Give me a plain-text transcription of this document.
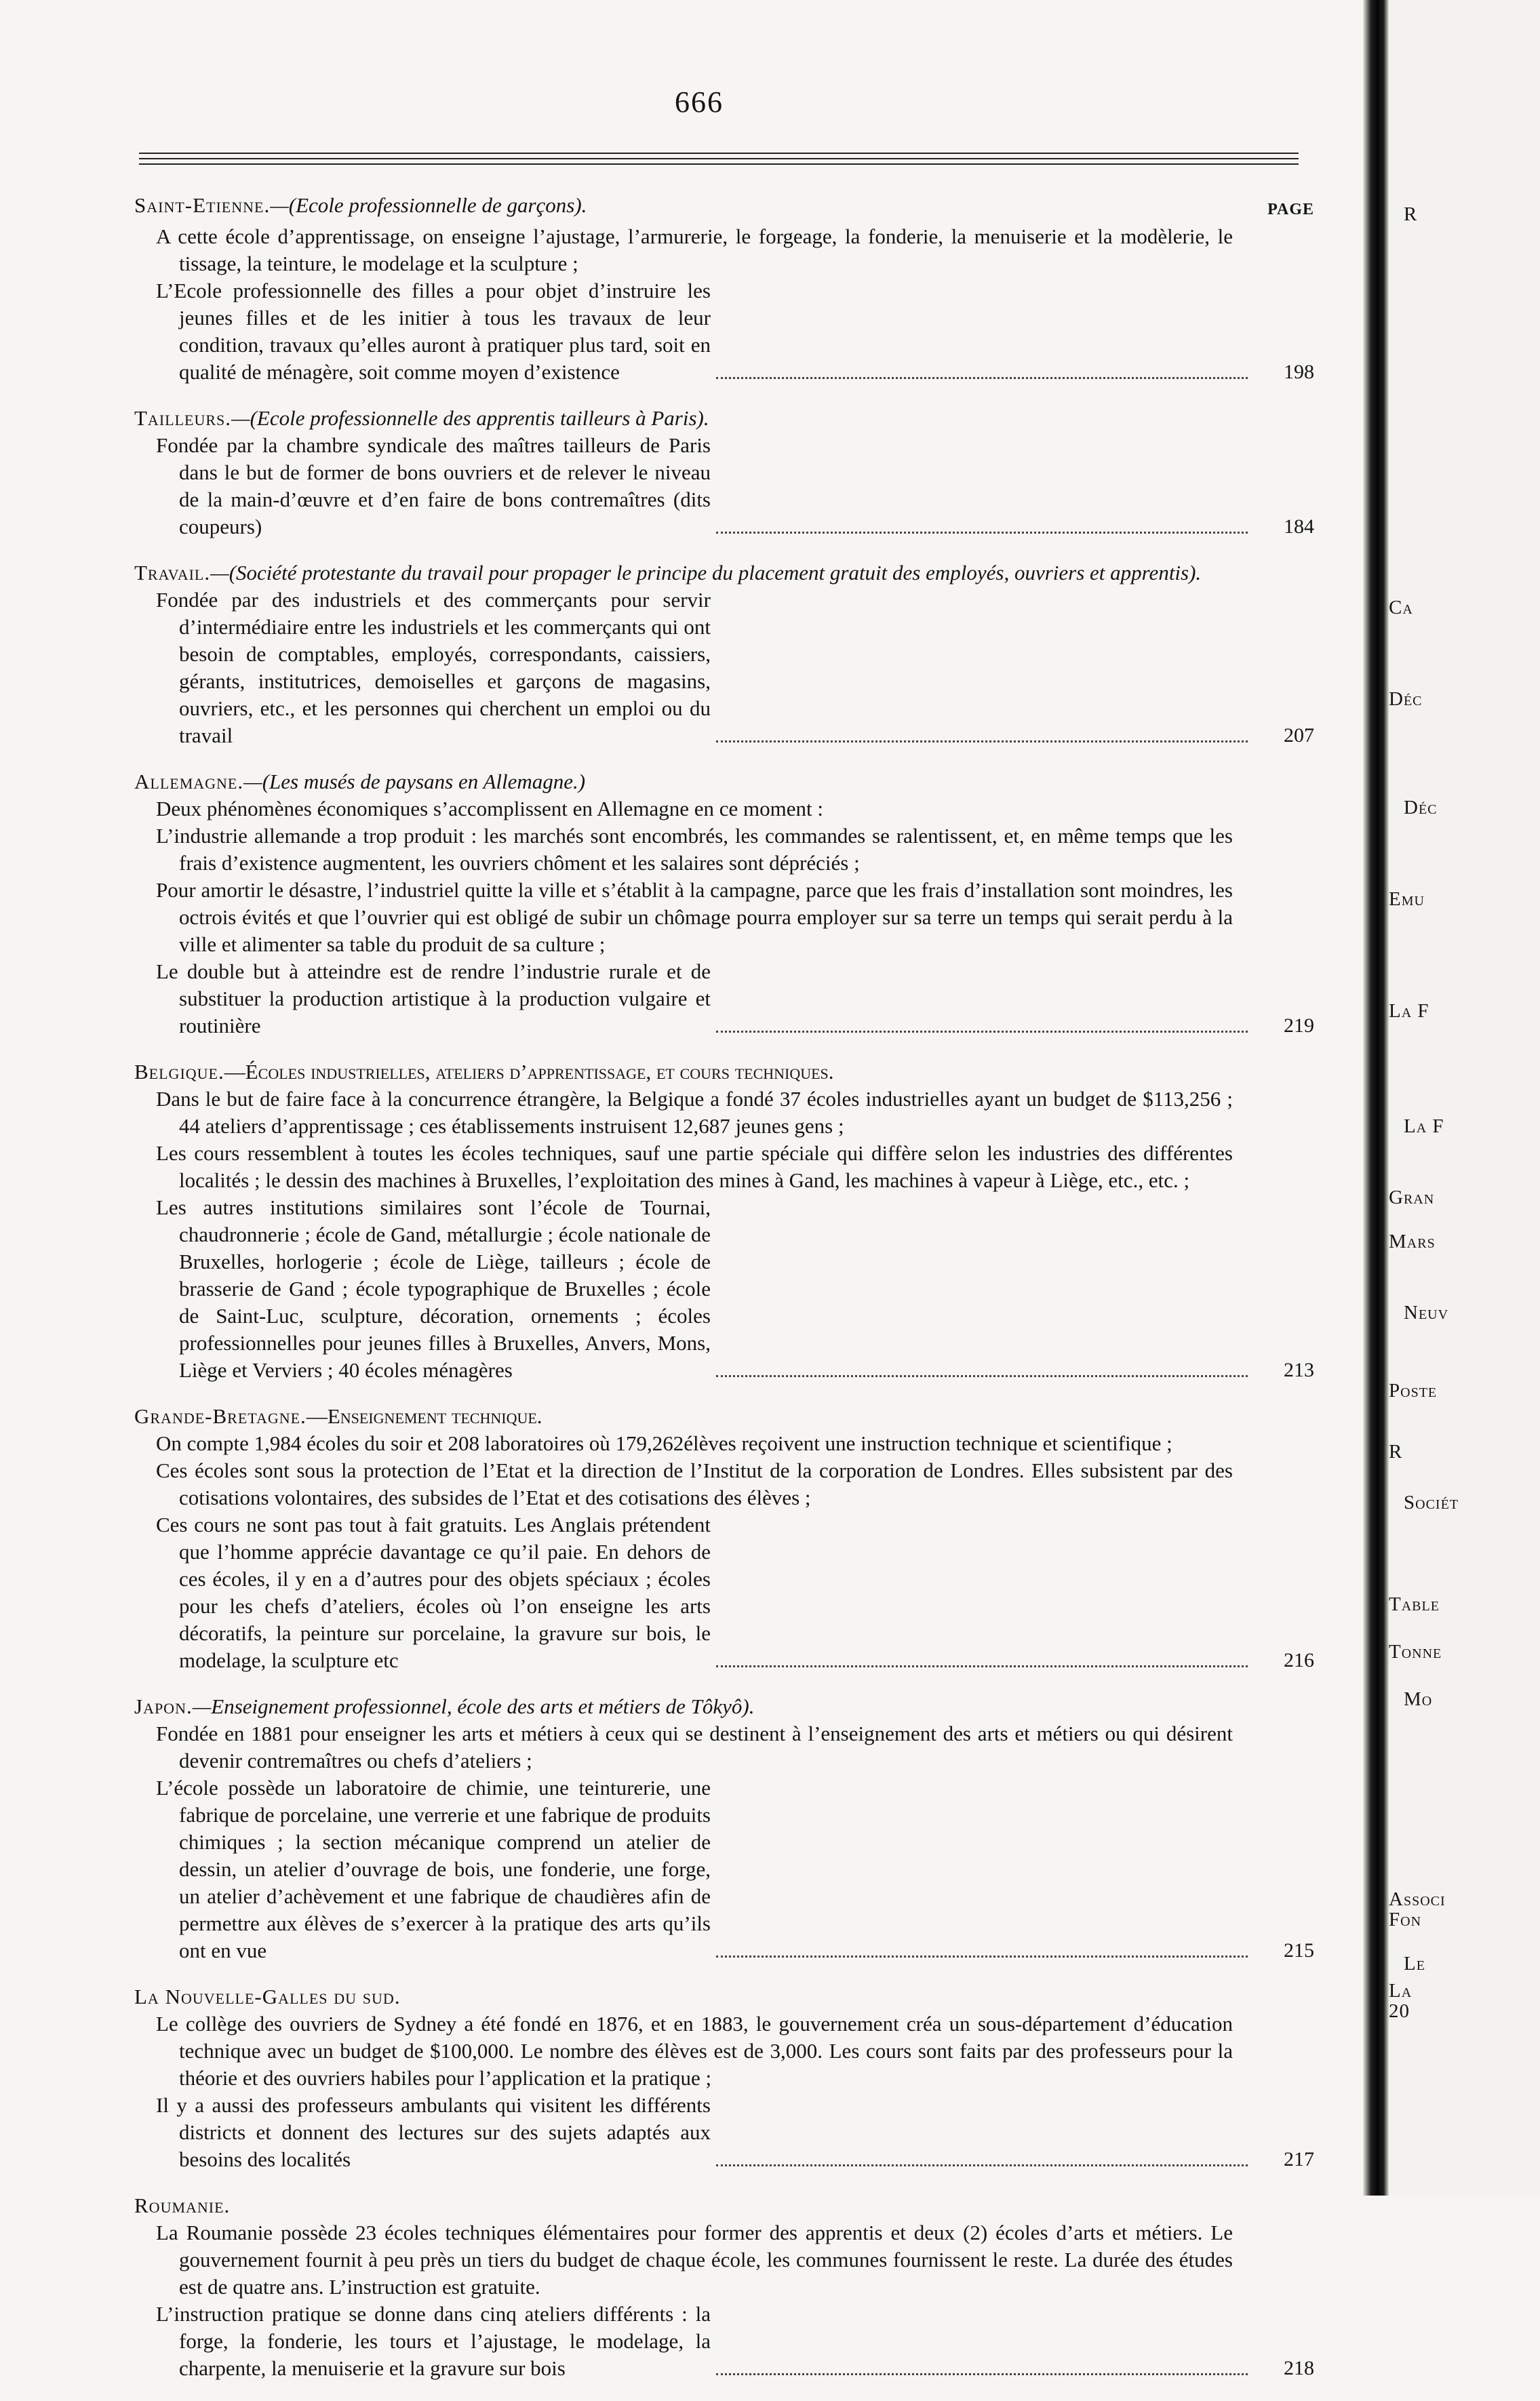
R
Ca
Déc
Déc
Emu
La F
La F
Gran
Mars
Neuv
Poste
R
Sociét
Table
Tonne
Mo
Associ
Fon
Le
La
20
666
Saint-Etienne.—(Ecole professionnelle de garçons).	PAGE
A cette école d’apprentissage, on enseigne l’ajustage, l’armurerie, le forgeage, la fonderie, la menuiserie et la modèlerie, le tissage, la teinture, le modelage et la sculpture ;
L’Ecole professionnelle des filles a pour objet d’instruire les jeunes filles et de les initier à tous les travaux de leur condition, travaux qu’elles auront à pratiquer plus tard, soit en qualité de ménagère, soit comme moyen d’existence	198
Tailleurs.—(Ecole professionnelle des apprentis tailleurs à Paris).
Fondée par la chambre syndicale des maîtres tailleurs de Paris dans le but de former de bons ouvriers et de relever le niveau de la main-d’œuvre et d’en faire de bons contremaîtres (dits coupeurs)	184
Travail.—(Société protestante du travail pour propager le principe du placement gratuit des employés, ouvriers et apprentis).
Fondée par des industriels et des commerçants pour servir d’intermédiaire entre les industriels et les commerçants qui ont besoin de comptables, employés, correspondants, caissiers, gérants, institutrices, demoiselles et garçons de magasins, ouvriers, etc., et les personnes qui cherchent un emploi ou du travail	207
Allemagne.—(Les musés de paysans en Allemagne.)
Deux phénomènes économiques s’accomplissent en Allemagne en ce moment :
L’industrie allemande a trop produit : les marchés sont encombrés, les commandes se ralentissent, et, en même temps que les frais d’existence augmentent, les ouvriers chôment et les salaires sont dépréciés ;
Pour amortir le désastre, l’industriel quitte la ville et s’établit à la campagne, parce que les frais d’installation sont moindres, les octrois évités et que l’ouvrier qui est obligé de subir un chômage pourra employer sur sa terre un temps qui serait perdu à la ville et alimenter sa table du produit de sa culture ;
Le double but à atteindre est de rendre l’industrie rurale et de substituer la production artistique à la production vulgaire et routinière	219
Belgique.—Écoles industrielles, ateliers d’apprentissage, et cours techniques.
Dans le but de faire face à la concurrence étrangère, la Belgique a fondé 37 écoles industrielles ayant un budget de $113,256 ; 44 ateliers d’apprentissage ; ces établissements instruisent 12,687 jeunes gens ;
Les cours ressemblent à toutes les écoles techniques, sauf une partie spéciale qui diffère selon les industries des différentes localités ; le dessin des machines à Bruxelles, l’exploitation des mines à Gand, les machines à vapeur à Liège, etc., etc. ;
Les autres institutions similaires sont l’école de Tournai, chaudronnerie ; école de Gand, métallurgie ; école nationale de Bruxelles, horlogerie ; école de Liège, tailleurs ; école de brasserie de Gand ; école typographique de Bruxelles ; école de Saint-Luc, sculpture, décoration, ornements ; écoles professionnelles pour jeunes filles à Bruxelles, Anvers, Mons, Liège et Verviers ; 40 écoles ménagères	213
Grande-Bretagne.—Enseignement technique.
On compte 1,984 écoles du soir et 208 laboratoires où 179,262élèves reçoivent une instruction technique et scientifique ;
Ces écoles sont sous la protection de l’Etat et la direction de l’Institut de la corporation de Londres. Elles subsistent par des cotisations volontaires, des subsides de l’Etat et des cotisations des élèves ;
Ces cours ne sont pas tout à fait gratuits. Les Anglais prétendent que l’homme apprécie davantage ce qu’il paie. En dehors de ces écoles, il y en a d’autres pour des objets spéciaux ; écoles pour les chefs d’ateliers, écoles où l’on enseigne les arts décoratifs, la peinture sur porcelaine, la gravure sur bois, le modelage, la sculpture etc	216
Japon.—Enseignement professionnel, école des arts et métiers de Tôkyô).
Fondée en 1881 pour enseigner les arts et métiers à ceux qui se destinent à l’enseignement des arts et métiers ou qui désirent devenir contremaîtres ou chefs d’ateliers ;
L’école possède un laboratoire de chimie, une teinturerie, une fabrique de porcelaine, une verrerie et une fabrique de produits chimiques ; la section mécanique comprend un atelier de dessin, un atelier d’ouvrage de bois, une fonderie, une forge, un atelier d’achèvement et une fabrique de chaudières afin de permettre aux élèves de s’exercer à la pratique des arts qu’ils ont en vue	215
La Nouvelle-Galles du sud.
Le collège des ouvriers de Sydney a été fondé en 1876, et en 1883, le gouvernement créa un sous-département d’éducation technique avec un budget de $100,000. Le nombre des élèves est de 3,000. Les cours sont faits par des professeurs pour la théorie et des ouvriers habiles pour l’application et la pratique ;
Il y a aussi des professeurs ambulants qui visitent les différents districts et donnent des lectures sur des sujets adaptés aux besoins des localités	217
Roumanie.
La Roumanie possède 23 écoles techniques élémentaires pour former des apprentis et deux (2) écoles d’arts et métiers. Le gouvernement fournit à peu près un tiers du budget de chaque école, les communes fournissent le reste. La durée des études est de quatre ans. L’instruction est gratuite.
L’instruction pratique se donne dans cinq ateliers différents : la forge, la fonderie, les tours et l’ajustage, le modelage, la charpente, la menuiserie et la gravure sur bois	218
